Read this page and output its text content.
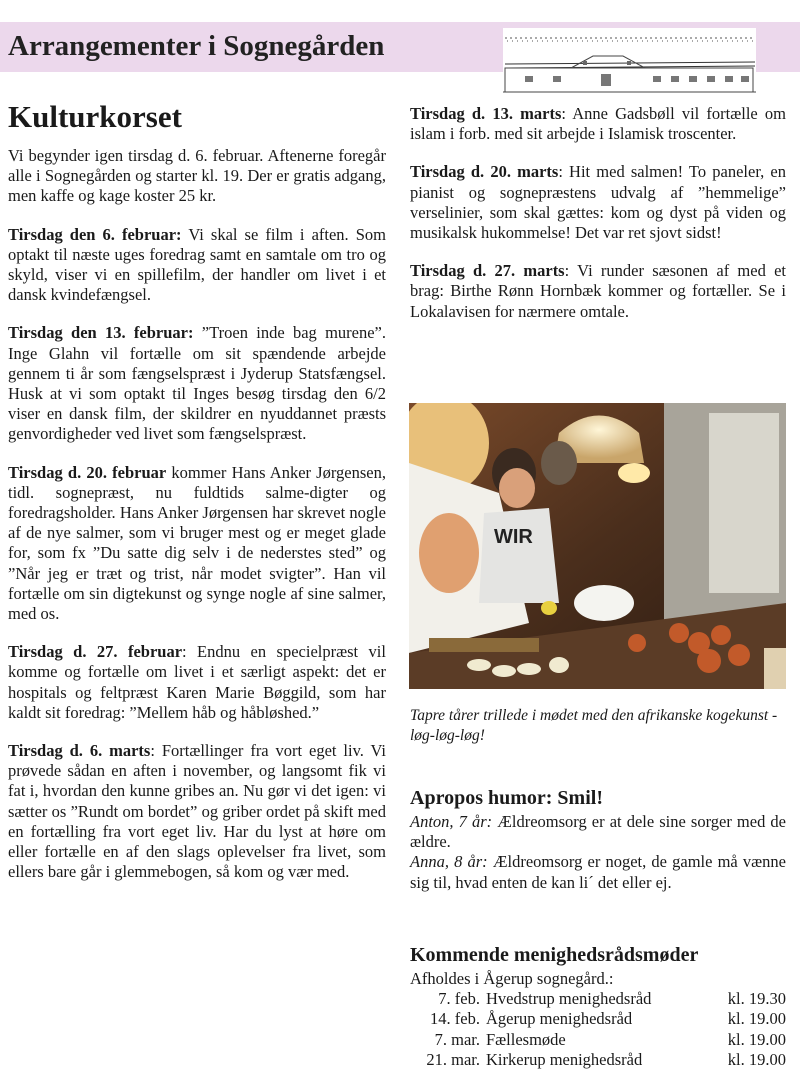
Arrangementer i Sognegården
Kulturkorset

Vi begynder igen tirsdag d. 6. februar. Aftenerne foregår alle i Sognegården og starter kl. 19. Der er gratis adgang, men kaffe og kage koster 25 kr.

Tirsdag den 6. februar: Vi skal se film i aften. Som optakt til næste uges foredrag samt en samtale om tro og skyld, viser vi en spillefilm, der handler om livet i et dansk kvindefængsel.

Tirsdag den 13. februar: ”Troen inde bag murene”. Inge Glahn vil fortælle om sit spændende arbejde gennem ti år som fængselspræst i Jyderup Statsfængsel. Husk at vi som optakt til Inges besøg tirsdag den 6/2 viser en dansk film, der skildrer en nyuddannet præsts genvordigheder ved livet som fængselspræst.

Tirsdag d. 20. februar kommer Hans Anker Jørgensen, tidl. sognepræst, nu fuldtids salme-digter og foredragsholder. Hans Anker Jørgensen har skrevet nogle af de nye salmer, som vi bruger mest og er meget glade for, som fx ”Du satte dig selv i de nederstes sted” og ”Når jeg er træt og trist, når modet svigter”. Han vil fortælle om sin digtekunst og synge nogle af sine salmer, med os.

Tirsdag d. 27. februar: Endnu en specielpræst vil komme og fortælle om livet i et særligt aspekt: det er hospitals og feltpræst Karen Marie Bøggild, som har kaldt sit foredrag: ”Mellem håb og håbløshed.”

Tirsdag d. 6. marts: Fortællinger fra vort eget liv. Vi prøvede sådan en aften i november, og langsomt fik vi fat i, hvordan den kunne gribes an. Nu gør vi det igen: vi sætter os ”Rundt om bordet” og griber ordet på skift med en fortælling fra vort eget liv. Har du lyst at høre om eller fortælle en af den slags oplevelser fra livet, som ellers bare går i glemmebogen, så kom og vær med.

Tirsdag d. 13. marts: Anne Gadsbøll vil fortælle om islam i forb. med sit arbejde i Islamisk troscenter.

Tirsdag d. 20. marts: Hit med salmen! To paneler, en pianist og sognepræstens udvalg af ”hemmelige” verselinier, som skal gættes: kom og dyst på viden og musikalsk hukommelse! Det var ret sjovt sidst!

Tirsdag d. 27. marts: Vi runder sæsonen af med et brag: Birthe Rønn Hornbæk kommer og fortæller. Se i Lokalavisen for nærmere omtale.

WIR
Tapre tårer trillede i mødet med den afrikanske kogekunst - løg-løg-løg!
Apropos humor: Smil!

Anton, 7 år: Ældreomsorg er at dele sine sorger med de ældre.

Anna, 8 år: Ældreomsorg er noget, de gamle må vænne sig til, hvad enten de kan li´ det eller ej.

Kommende menighedsrådsmøder
Afholdes i Ågerup sognegård.:
7. feb.	Hvedstrup menighedsråd	kl. 19.30
14. feb.	Ågerup menighedsråd	kl. 19.00
7. mar.	Fællesmøde	kl. 19.00
21. mar.	Kirkerup menighedsråd	kl. 19.00
